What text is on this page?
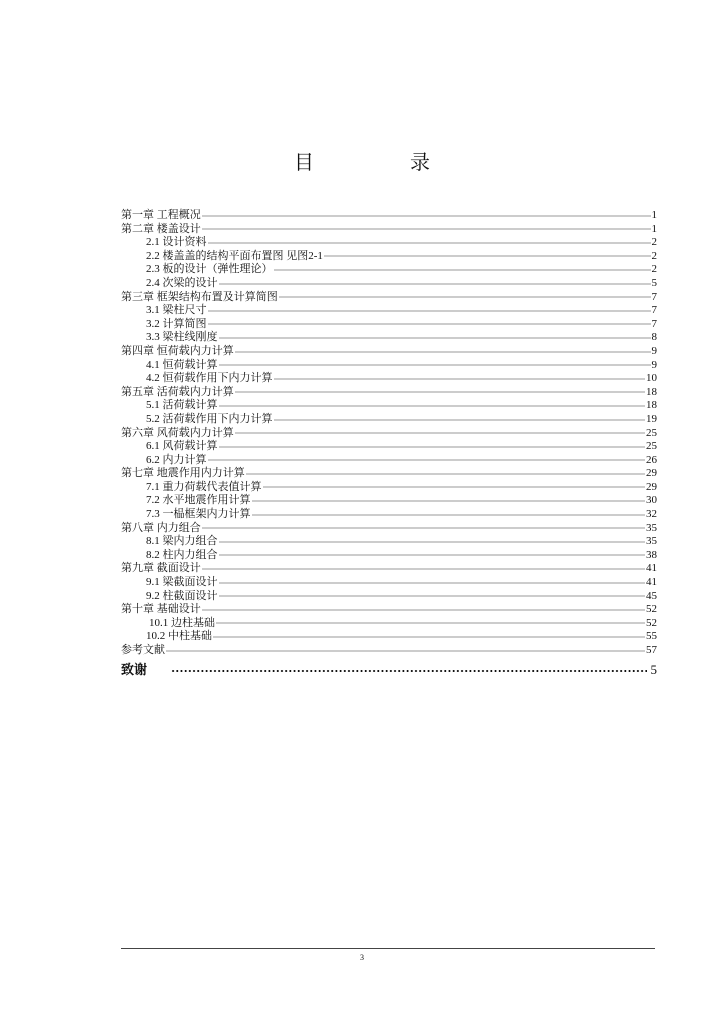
目　录
第一章 工程概况	1
第二章 楼盖设计	1
2.1 设计资料	2
2.2 楼盖盖的结构平面布置图 见图2-1	2
2.3 板的设计（弹性理论）	2
2.4 次梁的设计	5
第三章 框架结构布置及计算简图	7
3.1 梁柱尺寸	7
3.2 计算简图	7
3.3 梁柱线刚度	8
第四章 恒荷载内力计算	9
4.1 恒荷载计算	9
4.2 恒荷载作用下内力计算	10
第五章 活荷载内力计算	18
5.1 活荷载计算	18
5.2 活荷载作用下内力计算	19
第六章 风荷载内力计算	25
6.1 风荷载计算	25
6.2 内力计算	26
第七章 地震作用内力计算	29
7.1 重力荷载代表值计算	29
7.2 水平地震作用计算	30
7.3 一榀框架内力计算	32
第八章 内力组合	35
8.1 梁内力组合	35
8.2 柱内力组合	38
第九章 截面设计	41
9.1 梁截面设计	41
9.2 柱截面设计	45
第十章 基础设计	52
10.1 边柱基础	52
10.2 中柱基础	55
参考文献	57
致谢	5
3
